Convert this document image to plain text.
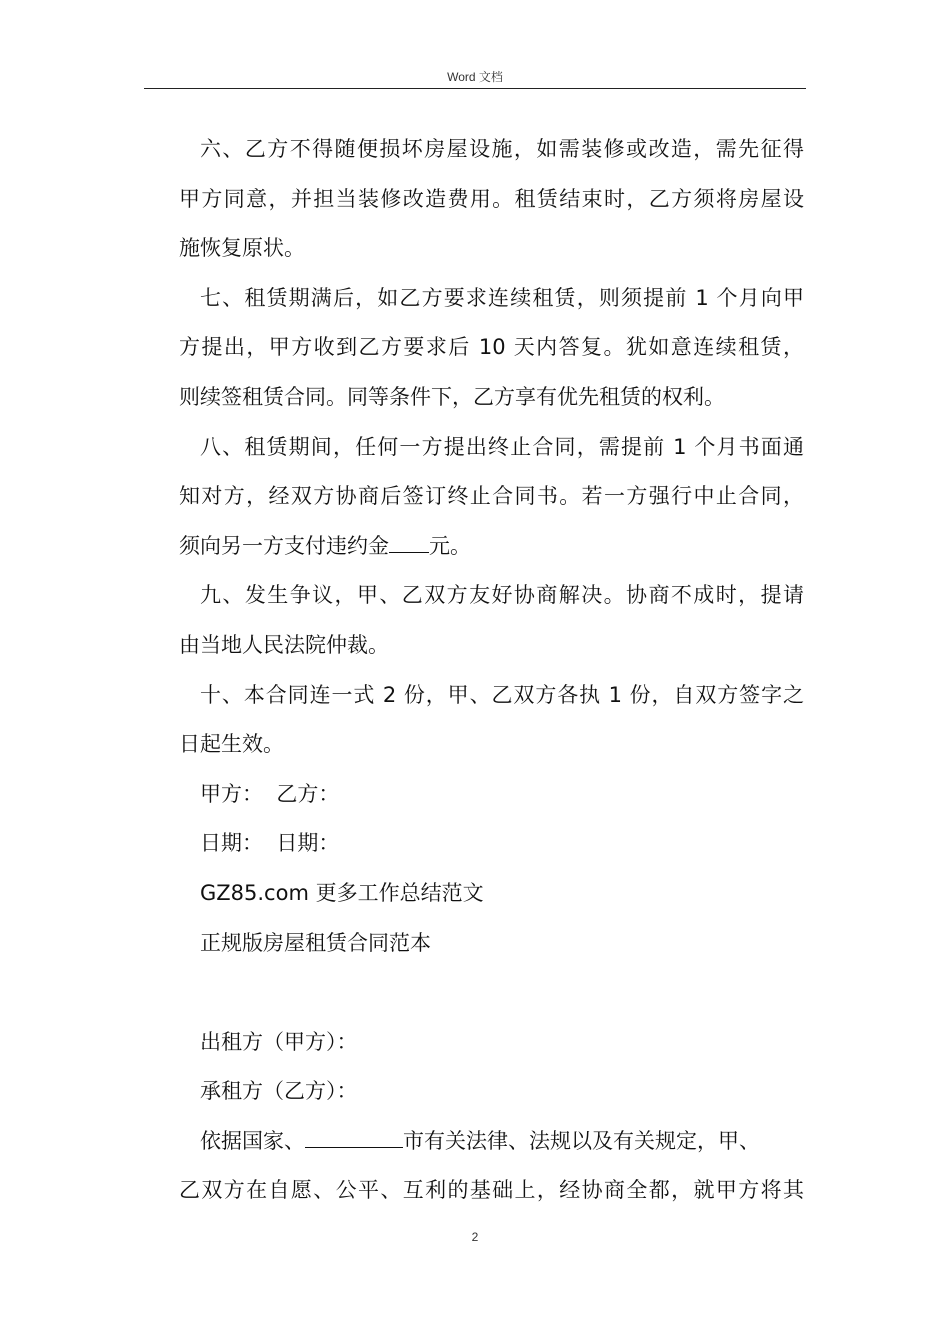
Word 文档
六、乙方不得随便损坏房屋设施，如需装修或改造，需先征得
甲方同意，并担当装修改造费用。租赁结束时，乙方须将房屋设
施恢复原状。
七、租赁期满后，如乙方要求连续租赁，则须提前 1 个月向甲
方提出，甲方收到乙方要求后 10 天内答复。犹如意连续租赁，
则续签租赁合同。同等条件下，乙方享有优先租赁的权利。
八、租赁期间，任何一方提出终止合同，需提前 1 个月书面通
知对方，经双方协商后签订终止合同书。若一方强行中止合同，
须向另一方支付违约金 元。
九、发生争议，甲、乙双方友好协商解决。协商不成时，提请
由当地人民法院仲裁。
十、本合同连一式 2 份，甲、乙双方各执 1 份，自双方签字之
日起生效。
甲方：  乙方：
日期：  日期：
GZ85.com 更多工作总结范文
正规版房屋租赁合同范本
出租方（甲方）：
承租方（乙方）：
依据国家、	市有关法律、法规以及有关规定，甲、
乙双方在自愿、公平、互利的基础上，经协商全都，就甲方将其
2
